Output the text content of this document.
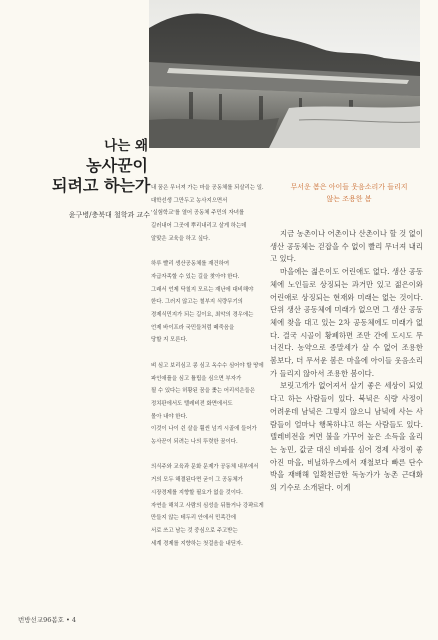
나는 왜
농사꾼이
되려고 하는가
윤구병/충북대 철학과 교수

내 꿈은 무너져 가는 마을 공동체를 되살리는 일.
대학선생 그만두고 농사지으면서
'실험학교'를 열어 공동체 주민의 자녀를
길러내어 그곳에 뿌리내리고 살게 하는데
알맞은 교육을 하고 싶다.

하루 빨리 생산공동체를 재건하여
자급자족할 수 있는 길을 찾아야 한다.
그래서 언제 닥칠지 모르는 재난에 대비해야
한다. 그러지 않고는 철부지 식량무기의
경제식민지가 되는 길이요, 최악의 경우에는
언제 바이프라 국민들처럼 떼죽음을
당할 지 모른다.

벼 심고 보리심고 콩 심고 옥수수 심어야 할 땅에
파인애플을 심고 튤립을 심으면 부자가
될 수 있다는 허황된 꿈을 좇는 어리석은들은
정치판에서도 텔레비전 화면에서도
몰아 내야 한다.
이것이 나이 쉰 살을 훨씬 넘겨 시골에 들어가
농사꾼이 되려는 나의 뚜렷한 꿈이다.

의식주와 교육과 문화 문제가 공동체 내부에서
거의 모두 해결된다면 굳이 그 공동체가
시장경제를 지향할 필요가 없을 것이다.
자연을 해치고 사람의 심성을 뒤틀거나 강퍅르게
만들지 않는 테두리 안에서 민족간에
서로 쓰고 남는 것 중심으로 주고받는
세계 경제를 지향하는 첫걸음을 내딛자.

무서운 봄은 아이들 웃음소리가 들리지
않는 조용한 봄

지금 농촌이나 어촌이나 산촌이나 할 것 없이 생산 공동체는 걷잡을 수 없이 빨리 무너져 내리고 있다.

마을에는 젊은이도 어린애도 없다. 생산 공동체에 노인들로 상징되는 과거만 있고 젊은이와 어린애로 상징되는 현재와 미래는 없는 것이다. 단위 생산 공동체에 미래가 없으면 그 생산 공동체에 찾을 대고 있는 2차 공동체에도 미래가 없다. 결국 시골이 황폐하면 조만 간에 도시도 무너진다. 농약으로 종말세가 살 수 없어 조용한 봄보다, 더 무서운 봄은 마을에 아이들 웃음소리가 들리지 않아서 조용한 봄이다.

보릿고개가 없어져서 살기 좋은 세상이 되었다고 하는 사람들이 있다. 북녘은 식량 사정이 어려운데 남녘은 그렇지 않으니 남녘에 사는 사람들이 얼마나 행복하냐고 하는 사람들도 있다. 텔레비전을 켜면 불을 가꾸어 높은 소득을 올리는 농민, 값굳 대신 비파를 심어 경제 사정이 좋아진 마을, 비닐하우스에서 재철보다 빠른 단수박을 재배해 일확천금한 독농가가 농촌 근대화의 기수로 소개된다. 이게

번방선교96봄호 • 4
